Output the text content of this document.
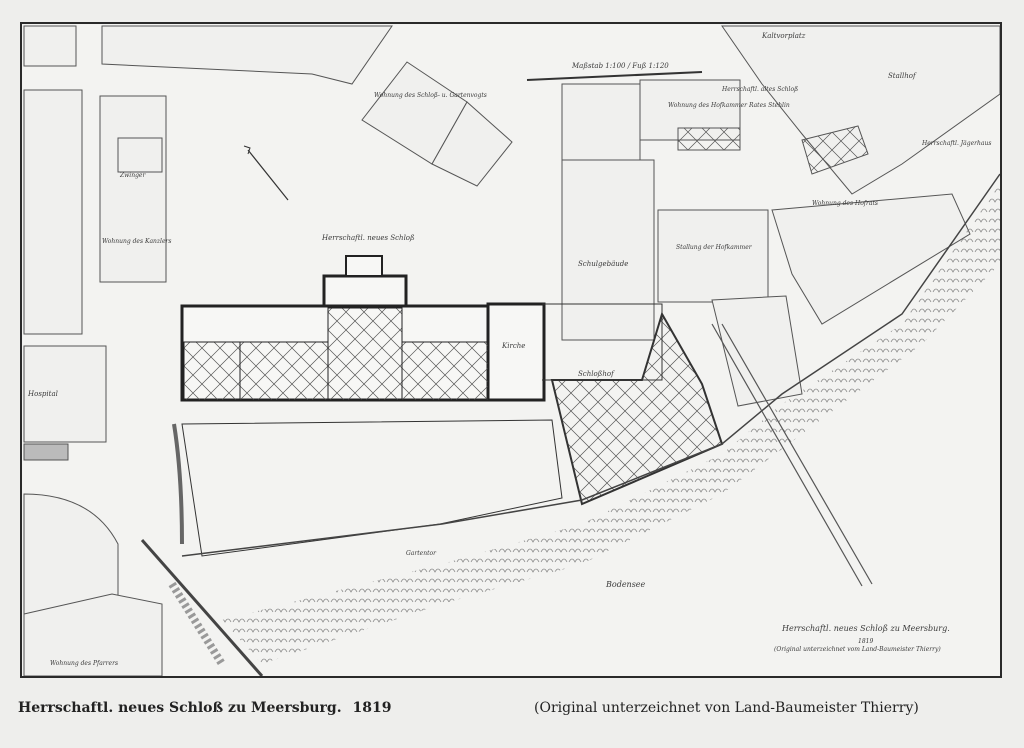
Maßstab 1:100 / Fuß 1:120
Herrschaftl. neues Schloß
Kirche
Schloßhof
Schulgebäude
Stallung der Hofkammer
Bodensee
Herrschaftl. neues Schloß zu Meersburg.
1819
(Original unterzeichnet vom Land-Baumeister Thierry)
Hospital
Kaltvorplatz
Stallhof
Herrschaftl. Jägerhaus
Wohnung des Kanzlers
Wohnung des Hofrats
Wohnung des Pfarrers
Wohnung des Schloß- u. Gartenvogts
Zwinger
Gartentor
Herrschaftl. altes Schloß
Wohnung des Hofkammer Rates Stehlin
Herrschaftl. neues Schloß zu Meersburg. 1819	(Original unterzeichnet von Land-Baumeister Thierry)
